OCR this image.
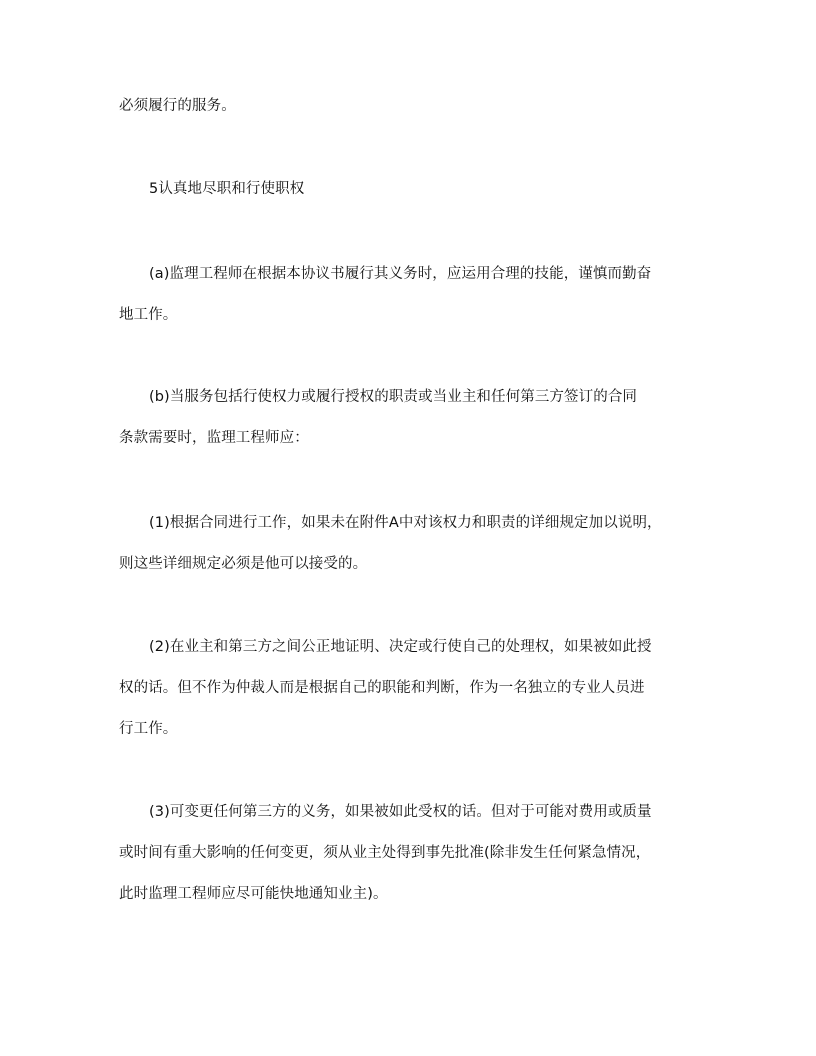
必须履行的服务。
5认真地尽职和行使职权
(a)监理工程师在根据本协议书履行其义务时，应运用合理的技能，谨慎而勤奋
地工作。
(b)当服务包括行使权力或履行授权的职责或当业主和任何第三方签订的合同
条款需要时，监理工程师应：
(1)根据合同进行工作，如果未在附件A中对该权力和职责的详细规定加以说明，
则这些详细规定必须是他可以接受的。
(2)在业主和第三方之间公正地证明、决定或行使自己的处理权，如果被如此授
权的话。但不作为仲裁人而是根据自己的职能和判断，作为一名独立的专业人员进
行工作。
(3)可变更任何第三方的义务，如果被如此受权的话。但对于可能对费用或质量
或时间有重大影响的任何变更，须从业主处得到事先批准(除非发生任何紧急情况，
此时监理工程师应尽可能快地通知业主)。
